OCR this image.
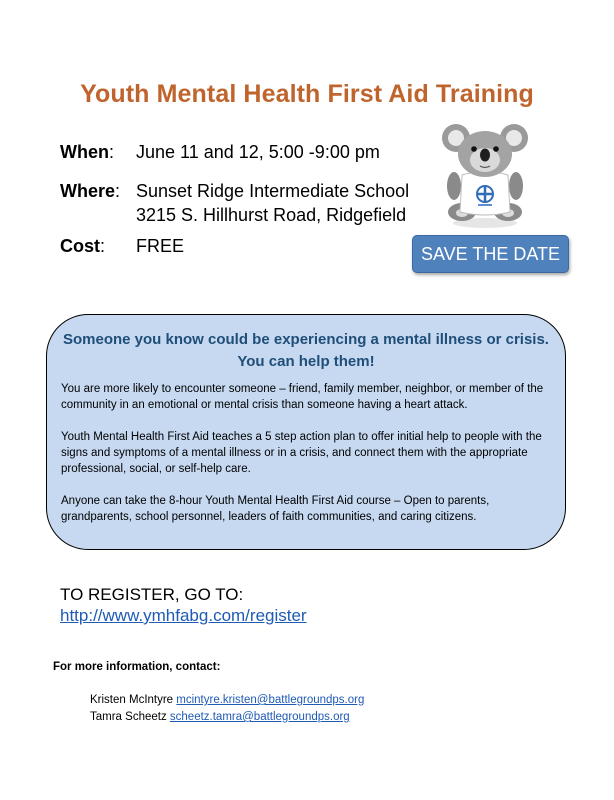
Youth Mental Health First Aid Training
When: June 11 and 12, 5:00 -9:00 pm
Where: Sunset Ridge Intermediate School
3215 S. Hillhurst Road, Ridgefield
Cost: FREE	SAVE THE DATE
Someone you know could be experiencing a mental illness or crisis.
You can help them!

You are more likely to encounter someone – friend, family member, neighbor, or member of the community in an emotional or mental crisis than someone having a heart attack.

Youth Mental Health First Aid teaches a 5 step action plan to offer initial help to people with the signs and symptoms of a mental illness or in a crisis, and connect them with the appropriate professional, social, or self-help care.

Anyone can take the 8-hour Youth Mental Health First Aid course – Open to parents, grandparents, school personnel, leaders of faith communities, and caring citizens.

TO REGISTER, GO TO:
http://www.ymhfabg.com/register
For more information, contact:
Kristen McIntyre mcintyre.kristen@battlegroundps.org
Tamra Scheetz scheetz.tamra@battlegroundps.org
